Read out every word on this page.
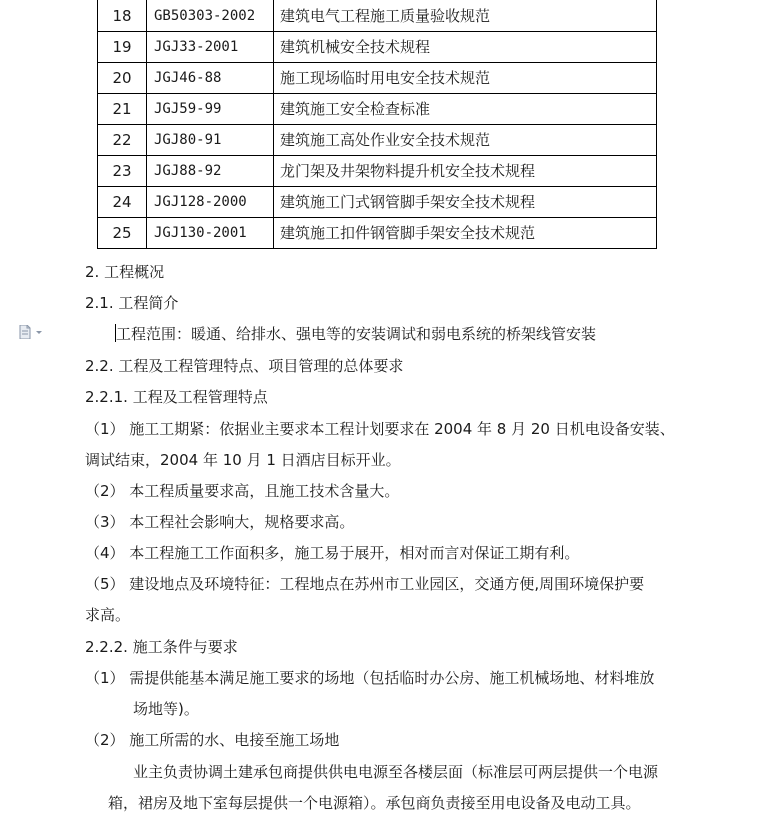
18	GB50303-2002	建筑电气工程施工质量验收规范
19	JGJ33-2001	建筑机械安全技术规程
20	JGJ46-88	施工现场临时用电安全技术规范
21	JGJ59-99	建筑施工安全检查标准
22	JGJ80-91	建筑施工高处作业安全技术规范
23	JGJ88-92	龙门架及井架物料提升机安全技术规程
24	JGJ128-2000	建筑施工门式钢管脚手架安全技术规程
25	JGJ130-2001	建筑施工扣件钢管脚手架安全技术规范
2. 工程概况
2.1. 工程简介
工程范围：暖通、给排水、强电等的安装调试和弱电系统的桥架线管安装
2.2. 工程及工程管理特点、项目管理的总体要求
2.2.1. 工程及工程管理特点
（1） 施工工期紧：依据业主要求本工程计划要求在 2004 年 8 月 20 日机电设备安装、
调试结束，2004 年 10 月 1 日酒店目标开业。
（2） 本工程质量要求高，且施工技术含量大。
（3） 本工程社会影响大，规格要求高。
（4） 本工程施工工作面积多，施工易于展开，相对而言对保证工期有利。
（5） 建设地点及环境特征：工程地点在苏州市工业园区，交通方便,周围环境保护要
求高。
2.2.2. 施工条件与要求
（1） 需提供能基本满足施工要求的场地（包括临时办公房、施工机械场地、材料堆放
场地等)。
（2） 施工所需的水、电接至施工场地
业主负责协调土建承包商提供供电电源至各楼层面（标准层可两层提供一个电源
箱，裙房及地下室每层提供一个电源箱）。承包商负责接至用电设备及电动工具。
